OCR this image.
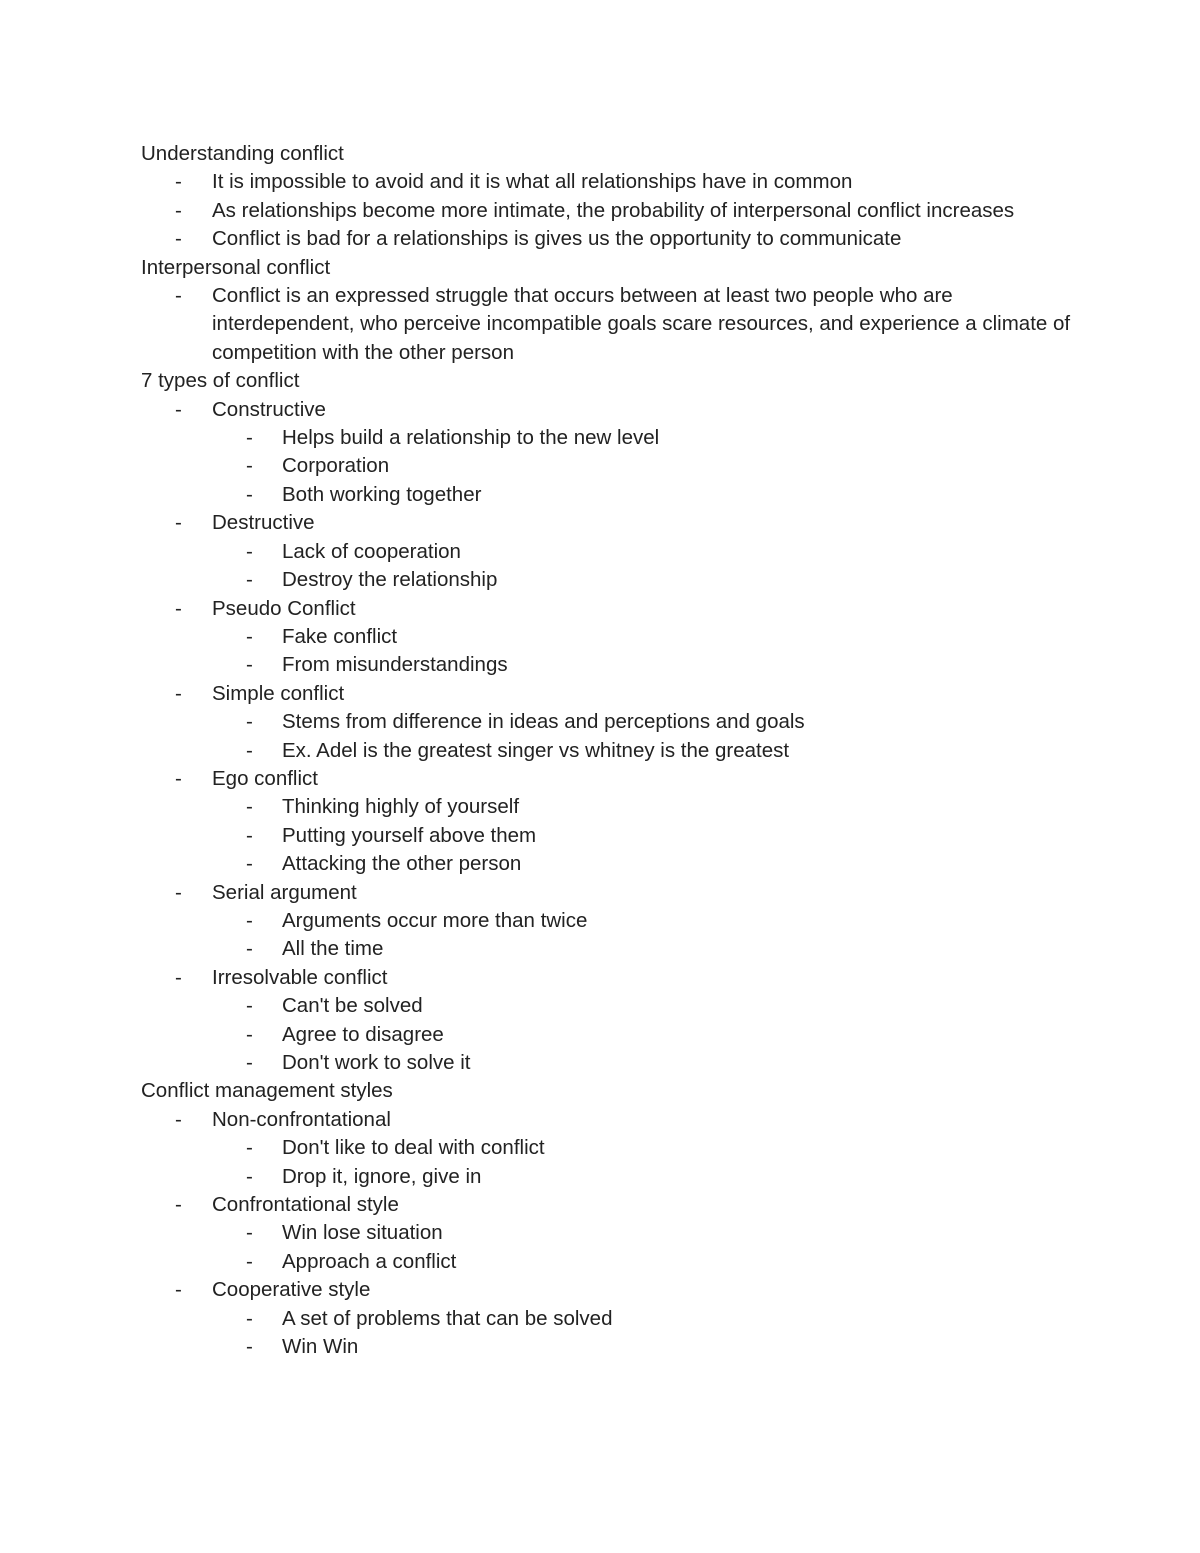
Understanding conflict
- It is impossible to avoid and it is what all relationships have in common
- As relationships become more intimate, the probability of interpersonal conflict increases
- Conflict is bad for a relationships is gives us the opportunity to communicate
Interpersonal conflict
- Conflict is an expressed struggle that occurs between at least two people who are interdependent, who perceive incompatible goals scare resources, and experience a climate of competition with the other person
7 types of conflict
- Constructive
- Helps build a relationship to the new level
- Corporation
- Both working together
- Destructive
- Lack of cooperation
- Destroy the relationship
- Pseudo Conflict
- Fake conflict
- From misunderstandings
- Simple conflict
- Stems from difference in ideas and perceptions and goals
- Ex. Adel is the greatest singer vs whitney is the greatest
- Ego conflict
- Thinking highly of yourself
- Putting yourself above them
- Attacking the other person
- Serial argument
- Arguments occur more than twice
- All the time
- Irresolvable conflict
- Can't be solved
- Agree to disagree
- Don't work to solve it
Conflict management styles
- Non-confrontational
- Don't like to deal with conflict
- Drop it, ignore, give in
- Confrontational style
- Win lose situation
- Approach a conflict
- Cooperative style
- A set of problems that can be solved
- Win Win
